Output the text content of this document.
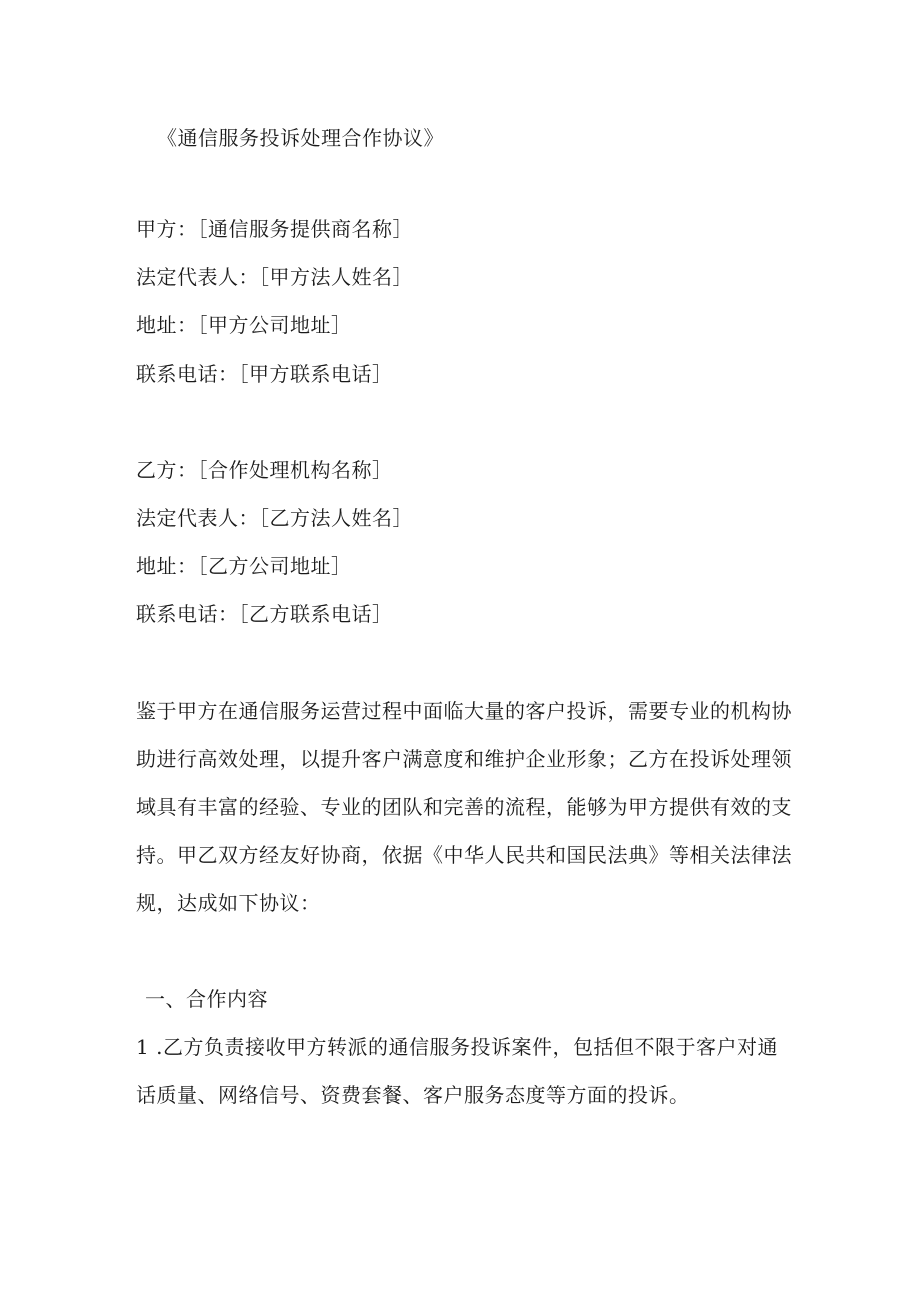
《通信服务投诉处理合作协议》
甲方：［通信服务提供商名称］
法定代表人：［甲方法人姓名］
地址：［甲方公司地址］
联系电话：［甲方联系电话］
乙方：［合作处理机构名称］
法定代表人：［乙方法人姓名］
地址：［乙方公司地址］
联系电话：［乙方联系电话］
鉴于甲方在通信服务运营过程中面临大量的客户投诉，需要专业的机构协
助进行高效处理，以提升客户满意度和维护企业形象；乙方在投诉处理领
域具有丰富的经验、专业的团队和完善的流程，能够为甲方提供有效的支
持。甲乙双方经友好协商，依据《中华人民共和国民法典》等相关法律法
规，达成如下协议：
一、合作内容
1 .乙方负责接收甲方转派的通信服务投诉案件，包括但不限于客户对通
话质量、网络信号、资费套餐、客户服务态度等方面的投诉。
